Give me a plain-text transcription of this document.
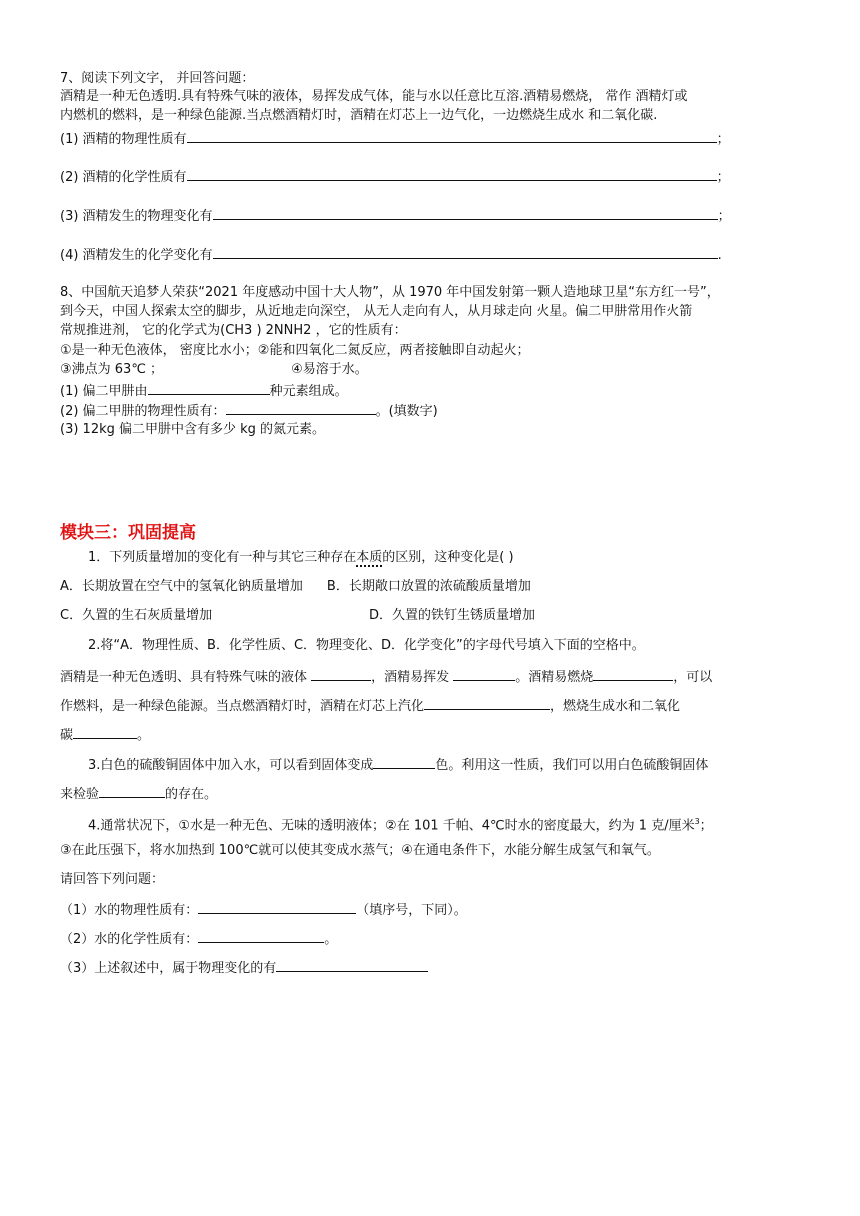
7、阅读下列文字， 并回答问题：
酒精是一种无色透明.具有特殊气味的液体，易挥发成气体，能与水以任意比互溶.酒精易燃烧， 常作 酒精灯或
内燃机的燃料，是一种绿色能源.当点燃酒精灯时，酒精在灯芯上一边气化，一边燃烧生成水 和二氧化碳.
(1) 酒精的物理性质有	；
(2) 酒精的化学性质有	；
(3) 酒精发生的物理变化有	；
(4) 酒精发生的化学变化有	.
8、中国航天追梦人荣获“2021 年度感动中国十大人物”，从 1970 年中国发射第一颗人造地球卫星“东方红一号”，
到今天，中国人探索太空的脚步，从近地走向深空， 从无人走向有人，从月球走向 火星。偏二甲肼常用作火箭
常规推进剂， 它的化学式为(CH3 ) 2NNH2 ，它的性质有：
①是一种无色液体， 密度比水小；②能和四氧化二氮反应，两者接触即自动起火；
③沸点为 63℃ ；	④易溶于水。
(1) 偏二甲肼由	种元素组成。
(2) 偏二甲肼的物理性质有：	。(填数字)
(3) 12kg 偏二甲肼中含有多少 kg 的氮元素。
模块三：巩固提高
1．下列质量增加的变化有一种与其它三种存在本质的区别，这种变化是( )
A．长期放置在空气中的氢氧化钠质量增加 B．长期敞口放置的浓硫酸质量增加
C．久置的生石灰质量增加	D．久置的铁钉生锈质量增加
2.将“A．物理性质、B．化学性质、C．物理变化、D．化学变化”的字母代号填入下面的空格中。
酒精是一种无色透明、具有特殊气味的液体	，酒精易挥发	。酒精易燃烧	，可以
作燃料，是一种绿色能源。当点燃酒精灯时，酒精在灯芯上汽化	，燃烧生成水和二氧化
碳	。
3.白色的硫酸铜固体中加入水，可以看到固体变成	色。利用这一性质，我们可以用白色硫酸铜固体
来检验	的存在。
4.通常状况下，①水是一种无色、无味的透明液体；②在 101 千帕、4℃时水的密度最大，约为 1 克/厘米$^3$；
③在此压强下，将水加热到 100℃就可以使其变成水蒸气；④在通电条件下，水能分解生成氢气和氧气。
请回答下列问题：
（1）水的物理性质有：	（填序号，下同）。
（2）水的化学性质有：	。
（3）上述叙述中，属于物理变化的有
